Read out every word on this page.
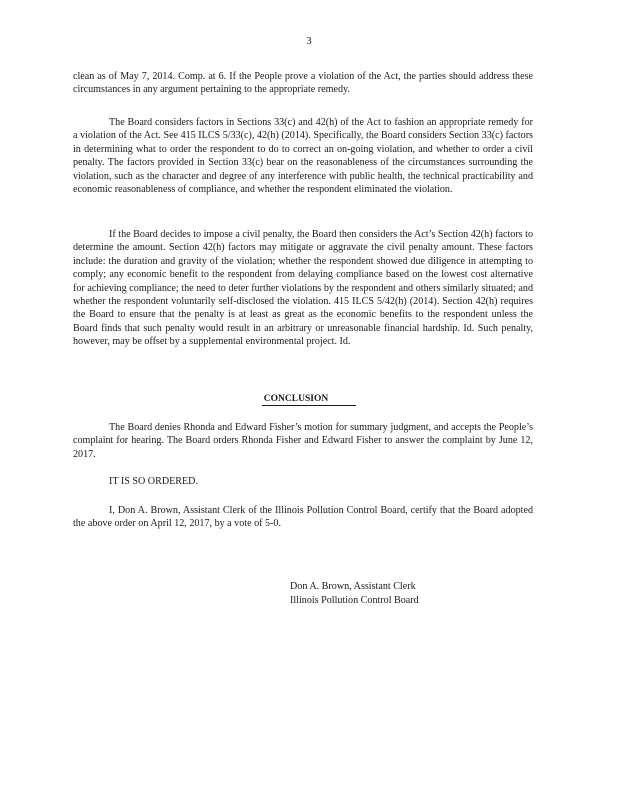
3

clean as of May 7, 2014. Comp. at 6. If the People prove a violation of the Act, the parties should address these circumstances in any argument pertaining to the appropriate remedy.

The Board considers factors in Sections 33(c) and 42(h) of the Act to fashion an appropriate remedy for a violation of the Act. See 415 ILCS 5/33(c), 42(h) (2014). Specifically, the Board considers Section 33(c) factors in determining what to order the respondent to do to correct an on-going violation, and whether to order a civil penalty. The factors provided in Section 33(c) bear on the reasonableness of the circumstances surrounding the violation, such as the character and degree of any interference with public health, the technical practicability and economic reasonableness of compliance, and whether the respondent eliminated the violation.

If the Board decides to impose a civil penalty, the Board then considers the Act’s Section 42(h) factors to determine the amount. Section 42(h) factors may mitigate or aggravate the civil penalty amount. These factors include: the duration and gravity of the violation; whether the respondent showed due diligence in attempting to comply; any economic benefit to the respondent from delaying compliance based on the lowest cost alternative for achieving compliance; the need to deter further violations by the respondent and others similarly situated; and whether the respondent voluntarily self-disclosed the violation. 415 ILCS 5/42(h) (2014). Section 42(h) requires the Board to ensure that the penalty is at least as great as the economic benefits to the respondent unless the Board finds that such penalty would result in an arbitrary or unreasonable financial hardship. Id. Such penalty, however, may be offset by a supplemental environmental project. Id.

CONCLUSION

The Board denies Rhonda and Edward Fisher’s motion for summary judgment, and accepts the People’s complaint for hearing. The Board orders Rhonda Fisher and Edward Fisher to answer the complaint by June 12, 2017.

IT IS SO ORDERED.

I, Don A. Brown, Assistant Clerk of the Illinois Pollution Control Board, certify that the Board adopted the above order on April 12, 2017, by a vote of 5-0.

Don A. Brown, Assistant Clerk
Illinois Pollution Control Board
